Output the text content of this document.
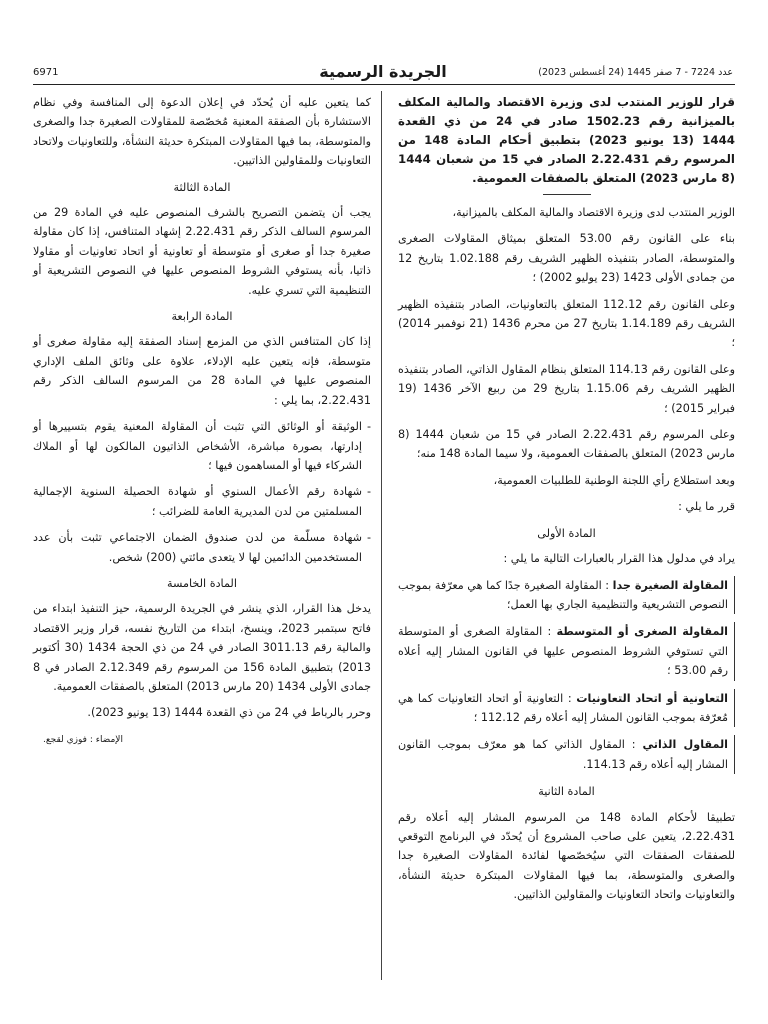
6971	الجريدة الرسمية	عدد 7224 - 7 صفر 1445 (24 أغسطس 2023)
قرار للوزير المنتدب لدى وزيرة الاقتصاد والمالية المكلف بالميزانية رقم 1502.23 صادر في 24 من ذي القعدة 1444 (13 يونيو 2023) بتطبيق أحكام المادة 148 من المرسوم رقم 2.22.431 الصادر في 15 من شعبان 1444 (8 مارس 2023) المتعلق بالصفقات العمومية.

الوزير المنتدب لدى وزيرة الاقتصاد والمالية المكلف بالميزانية،

بناء على القانون رقم 53.00 المتعلق بميثاق المقاولات الصغرى والمتوسطة، الصادر بتنفيذه الظهير الشريف رقم 1.02.188 بتاريخ 12 من جمادى الأولى 1423 (23 يوليو 2002) ؛

وعلى القانون رقم 112.12 المتعلق بالتعاونيات، الصادر بتنفيذه الظهير الشريف رقم 1.14.189 بتاريخ 27 من محرم 1436 (21 نوفمبر 2014) ؛

وعلى القانون رقم 114.13 المتعلق بنظام المقاول الذاتي، الصادر بتنفيذه الظهير الشريف رقم 1.15.06 بتاريخ 29 من ربيع الآخر 1436 (19 فبراير 2015) ؛

وعلى المرسوم رقم 2.22.431 الصادر في 15 من شعبان 1444 (8 مارس 2023) المتعلق بالصفقات العمومية، ولا سيما المادة 148 منه؛

وبعد استطلاع رأي اللجنة الوطنية للطلبيات العمومية،

قرر ما يلي :

المادة الأولى

يراد في مدلول هذا القرار بالعبارات التالية ما يلي :

المقاولة الصغيرة جدا : المقاولة الصغيرة جدًا كما هي معرّفة بموجب النصوص التشريعية والتنظيمية الجاري بها العمل؛
المقاولة الصغرى أو المتوسطة : المقاولة الصغرى أو المتوسطة التي تستوفي الشروط المنصوص عليها في القانون المشار إليه أعلاه رقم 53.00 ؛
التعاونية أو اتحاد التعاونيات : التعاونية أو اتحاد التعاونيات كما هي مُعرّفة بموجب القانون المشار إليه أعلاه رقم 112.12 ؛
المقاول الذاتي : المقاول الذاتي كما هو معرّف بموجب القانون المشار إليه أعلاه رقم 114.13.
المادة الثانية

تطبيقا لأحكام المادة 148 من المرسوم المشار إليه أعلاه رقم 2.22.431، يتعين على صاحب المشروع أن يُحدّد في البرنامج التوقعي للصفقات الصفقات التي سيُخصّصها لفائدة المقاولات الصغيرة جدا والصغرى والمتوسطة، بما فيها المقاولات المبتكرة حديثة النشأة، والتعاونيات واتحاد التعاونيات والمقاولين الذاتيين.

كما يتعين عليه أن يُحدّد في إعلان الدعوة إلى المنافسة وفي نظام الاستشارة بأن الصفقة المعنية مُخصّصة للمقاولات الصغيرة جدا والصغرى والمتوسطة، بما فيها المقاولات المبتكرة حديثة النشأة، وللتعاونيات ولاتحاد التعاونيات وللمقاولين الذاتيين.

المادة الثالثة

يجب أن يتضمن التصريح بالشرف المنصوص عليه في المادة 29 من المرسوم السالف الذكر رقم 2.22.431 إشهاد المتنافس، إذا كان مقاولة صغيرة جدا أو صغرى أو متوسطة أو تعاونية أو اتحاد تعاونيات أو مقاولا ذاتيا، بأنه يستوفي الشروط المنصوص عليها في النصوص التشريعية أو التنظيمية التي تسري عليه.

المادة الرابعة

إذا كان المتنافس الذي من المزمع إسناد الصفقة إليه مقاولة صغرى أو متوسطة، فإنه يتعين عليه الإدلاء، علاوة على وثائق الملف الإداري المنصوص عليها في المادة 28 من المرسوم السالف الذكر رقم 2.22.431، بما يلي :

-
الوثيقة أو الوثائق التي تثبت أن المقاولة المعنية يقوم بتسييرها أو إدارتها، بصورة مباشرة، الأشخاص الذاتيون المالكون لها أو الملاك الشركاء فيها أو المساهمون فيها ؛
-
شهادة رقم الأعمال السنوي أو شهادة الحصيلة السنوية الإجمالية المسلمتين من لدن المديرية العامة للضرائب ؛
-
شهادة مسلّمة من لدن صندوق الضمان الاجتماعي تثبت بأن عدد المستخدمين الدائمين لها لا يتعدى مائتي (200) شخص.
المادة الخامسة

يدخل هذا القرار، الذي ينشر في الجريدة الرسمية، حيز التنفيذ ابتداء من فاتح سبتمبر 2023، وينسخ، ابتداء من التاريخ نفسه، قرار وزير الاقتصاد والمالية رقم 3011.13 الصادر في 24 من ذي الحجة 1434 (30 أكتوبر 2013) بتطبيق المادة 156 من المرسوم رقم 2.12.349 الصادر في 8 جمادى الأولى 1434 (20 مارس 2013) المتعلق بالصفقات العمومية.

وحرر بالرباط في 24 من ذي القعدة 1444 (13 يونيو 2023).

الإمضاء : فوزي لقجع.
